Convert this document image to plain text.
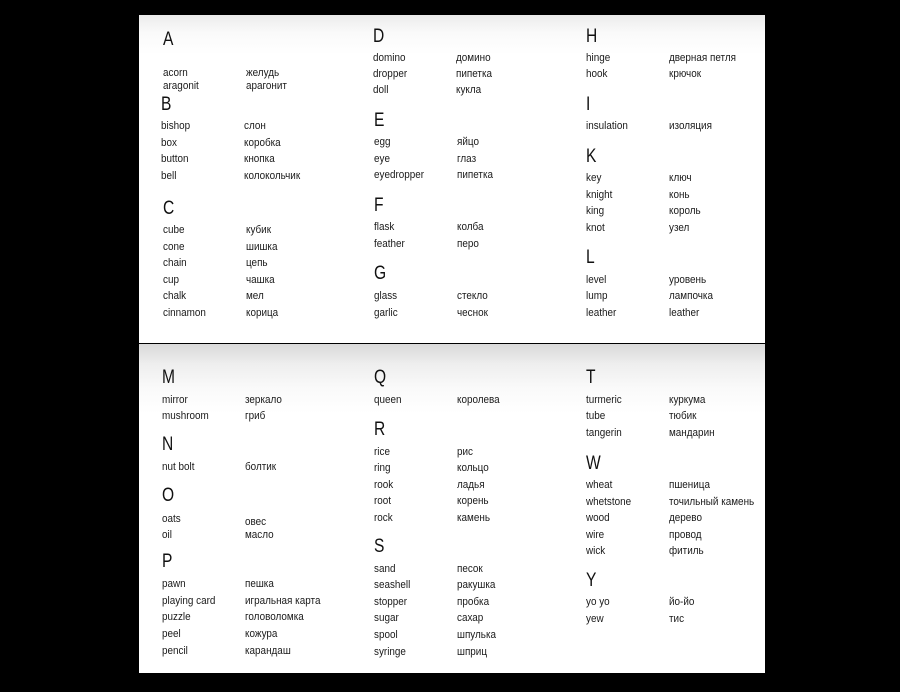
A
acorn	желудь
aragonit	арагонит
B
bishop	слон
box	коробка
button	кнопка
bell	колокольчик
C
cube	кубик
cone	шишка
chain	цепь
cup	чашка
chalk	мел
cinnamon	корица
D
domino	домино
dropper	пипетка
doll	кукла
E
egg	яйцо
eye	глаз
eyedropper	пипетка
F
flask	колба
feather	перо
G
glass	стекло
garlic	чеснок
H
hinge	дверная петля
hook	крючок
I
insulation	изоляция
K
key	ключ
knight	конь
king	король
knot	узел
L
level	уровень
lump	лампочка
leather	leather
M
mirror	зеркало
mushroom	гриб
N
nut bolt	болтик
O
oats	овес
oil	масло
P
pawn	пешка
playing card	игральная карта
puzzle	головоломка
peel	кожура
pencil	карандаш
Q
queen	королева
R
rice	рис
ring	кольцо
rook	ладья
root	корень
rock	камень
S
sand	песок
seashell	ракушка
stopper	пробка
sugar	сахар
spool	шпулька
syringe	шприц
T
turmeric	куркума
tube	тюбик
tangerin	мандарин
W
wheat	пшеница
whetstone	точильный камень
wood	дерево
wire	провод
wick	фитиль
Y
yo yo	йо-йо
yew	тис
